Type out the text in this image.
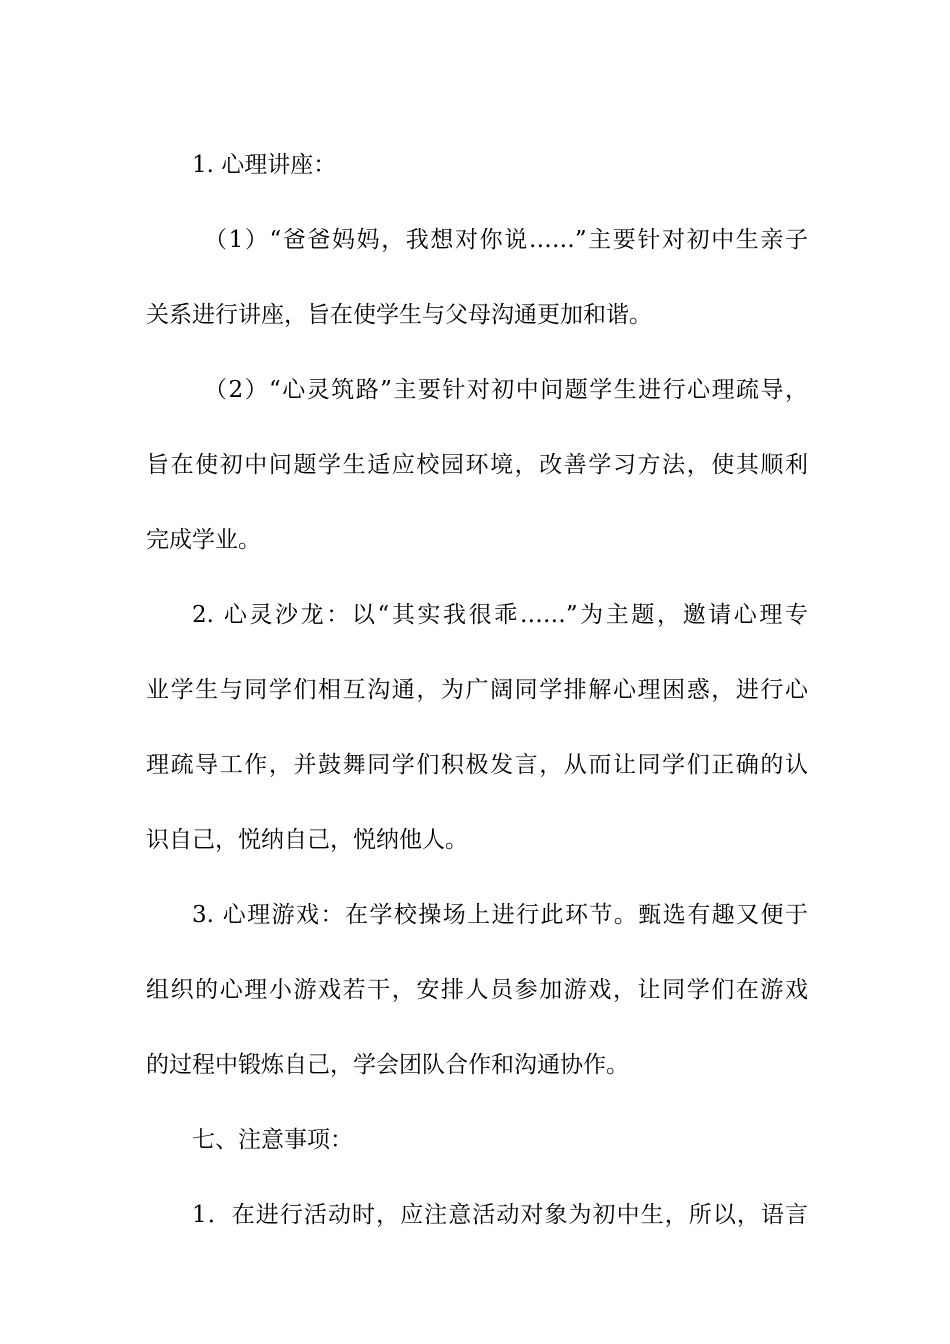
1. 心理讲座：
（1）“爸爸妈妈，我想对你说……”主要针对初中生亲子
关系进行讲座，旨在使学生与父母沟通更加和谐。
（2）“心灵筑路”主要针对初中问题学生进行心理疏导，
旨在使初中问题学生适应校园环境，改善学习方法，使其顺利
完成学业。
2. 心灵沙龙：以“其实我很乖……”为主题，邀请心理专
业学生与同学们相互沟通，为广阔同学排解心理困惑，进行心
理疏导工作，并鼓舞同学们积极发言，从而让同学们正确的认
识自己，悦纳自己，悦纳他人。
3. 心理游戏：在学校操场上进行此环节。甄选有趣又便于
组织的心理小游戏若干，安排人员参加游戏，让同学们在游戏
的过程中锻炼自己，学会团队合作和沟通协作。
七、注意事项：
1．在进行活动时，应注意活动对象为初中生，所以，语言
